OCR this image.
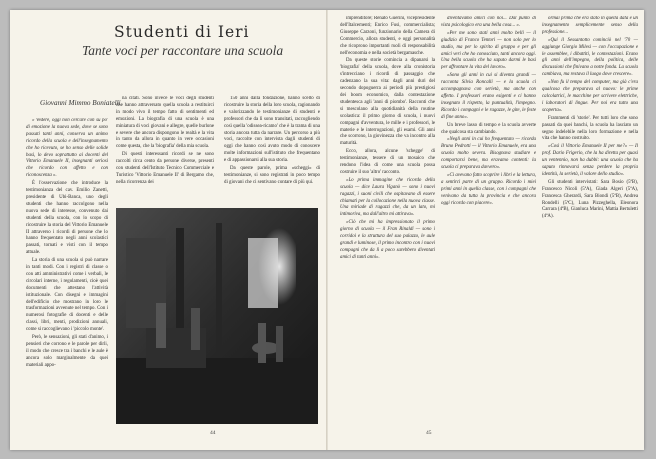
Studenti di Ieri
Tante voci per raccontare una scuola
Giovanni Mimmo Boniatelli

« Vedere, oggi non cercare con su po' di emozione la nuova sede, dove se sono passati tanti anni, conserva un animo ricordo della scuola e dell'insegnamento che ho ricevuto, se ho senso delle solide basi, lo devo soprattutto ai docenti del Vittorio Emanuele II, insegnanti seriosi che ricordo con affetto e con riconoscenza ».

È l'osservazione che introduce la testimonianza del cav. Emilio Zanetti, presidente di Ubi-Banca, uno degli studenti che hanno raccolgono nella nuova sede di interesse, convenuto dai studenti della scuola, con lo scopo di ricostruire la storia del Vittorio Emanuele II attraverso i ricordi di persone che lo hanno frequentato negli anni scolastici passati, tornati e visti con il tempo attuale.

La storia di una scuola si può narrare in tanti modi. Con i registri di classe o con atti amministrativi come i verbali, le circolari interne, i regolamenti, cioè quei documenti che attestano l'attività istituzionale. Con disegni e immagini dell'edificio che mostrano in loro le trasformazioni avvenute nel tempo. Con i numerosi fotografie di docenti e delle classi, libri, menti, prodizioni annuali, come si raccoglievano i 'piccolo monte'.

Però, le sensazioni, gli stati d'animo, i pensieri che corrono e le parole per dirli, il modo che cresce tra i banchi e le aule è ancora solo marginalmente da quei materiali appo-

na citati. Sono invece le voci degli studenti che hanno attraversato quella scuola a restituirci in modo vivo il tempo fatto di sentimenti ed emozioni. La biografia di una scuola è una miniatura di voci giovani e allegre, quelle burlone e severe che ancora dispongono le realtà e la vita in tanto da allora in quanto in vere occasioni come questa, che la 'biografia' della mia scuola.

Di questi interessanti ricordi se ne sono raccolti circa cento da persone diverse, presenti con studenti dell'Istituto Tecnico Commerciale e Turistico 'Vittorio Emanuele II' di Bergamo che, nella ricorrenza dei

150 anni dalla fondazione, hanno scelto di ricostruire la storia della loro scuola, ragionando e valorizzando le testimonianze di studenti e professori che da lì sono transitati, raccogliendo così quella 'odissea-ricamo' che è la trama di una storia ancora tutta da narrare. Un percorso a più voci, raccolte con intervista dagli studenti di oggi che hanno così avuto modo di conoscere molte informazioni sull'istituto che frequentano e di appassionarsi alla sua storia.

Da queste parole, prima «scheggi» di testimonianze, si sono registrati in poco tempo di giovani che ci sentivano contare di più qui.

44

imprenditore; Renato Guerini, vicepresidente dell'Italcementi; Enrico Fusi, commercialista; Giuseppe Carzoni, funzionario della Camera di Commercio, allora studenti, e oggi personalità che ricoprono importanti ruoli di responsabilità nell'economia e nella società bergamasche.

Da queste storie comincia a dipanarsi la 'biografia' della scuola, dove alla cronistoria s'intrecciano i ricordi di passaggio che cadenzano la sua vita: dagli anni duri del secondo dopoguerra ai periodi più prestigiosi dei boom economico, dalla contestazione studentesca agli 'anni di piombo'. Racconti che si mescolano alla quotidianità della routine scolastica: il primo giorno di scuola, i nuovi compagni d'avventura, le mille e i professori, le materie e le interrogazioni, gli esami. Gli anni che scorrono, la giovinezza che va incontro alla maturità.

Ecco, allora, alcune 'schegge' di testimonianze, tessere di un mosaico che rendono l'idea di come una scuola possa costruire il suo 'altro' racconto.

«Lo prima immagine che ricordo della scuola — dice Laura Viganò — sono i nuovi ragazzi, i suoni civili che ospitavano di essere chiamati per la collocazione nella nuova classe. Una miriade di ragazzi che, da un lato, mi intimoriva, ma dall'altro mi attirava».

«Ciò che mi ha impressionato il primo giorno di scuola — il Fran Rinaldi — sono i corridoi e la struttura del suo palazzo, le aule grandi e luminose, il primo incontro con i nuovi compagni che da lì a poco sarebbero diventati amici di tanti anni».

diventavamo amici con noi... Dal punto di vista psicologico era una bella cosa... ».

«Per me sono stati anni molto belli — il giudizio di Franco Tentori — non solo per lo studio, ma per lo spirito di gruppo e per gli amici veri che ho conosciuto, tanti ancora oggi. Una bella scuola che ha saputo darmi le basi per affrontare la vita del lavoro».

«Sono gli anni in cui si diventa grandi — racconta Silvia Roncalli — e la scuola ci accompagnava con serietà, ma anche con affetto. I professori erano esigenti e ci hanno insegnato il rispetto, la puntualità, l'impegno. Ricordo i compagni e le ragazze, le gite, le feste di fine anno».

Un breve lasso di tempo e la scuola avverte che qualcosa sta cambiando.

«Negli anni in cui ho frequentato — ricorda Bruno Pedrotti — il Vittorio Emanuele, era una scuola molto severa. Bisognava studiare e comportarsi bene, ma eravamo contenti: la scuola ci preparava davvero».

«Ci avevano fatto scoprire i libri e la lettura, a sentirci parte di un gruppo. Ricordo i miei primi anni in quella classe, con i compagni che venivano da tutta la provincia e che ancora oggi ricordo con piacere».

ormai prima che era stato in quella data e un insegnamento semplicemente senso della professione...

«Qui il Sessantotto cominciò nel '70 — aggiunge Giorgio Milesi — con l'occupazione e le assemblee, i dibattiti, le contestazioni. Erano gli anni dell'impegno, della politica, delle discussioni che finivano a notte fonda. La scuola cambiava, ma restava il luogo dove crescere».

«Non fu il tempo del computer, ma già c'era qualcosa che preparava al nuovo: le prime calcolatrici, le macchine per scrivere elettriche, i laboratori di lingue. Per noi era tutto una scoperta».

Frammenti di 'storie'. Per tutti loro che sono passati da quei banchi, la scuola ha lasciato un segno indelebile nella loro formazione e nella vita che hanno costruito.

«Così il Vittorio Emanuele II per me?» — Il prof. Dario Frigerio, che la ha diretta per quasi un ventennio, non ha dubbi: una scuola che ha saputo rinnovarsi senza perdere la propria identità, la serietà, il valore dello studio».

Gli studenti intervistati: Sara Bosio (5ªB), Francesco Nicoli (5ªA), Giada Algeri (5ªA), Francesca Gherardi, Sara Biondi (5ªB), Andrea Rondelli (5ªC), Luna Pizzeghella, Eleonora Carrara (4ªB), Gianluca Marini, Mattia Bertuletti (4ªA).

45
